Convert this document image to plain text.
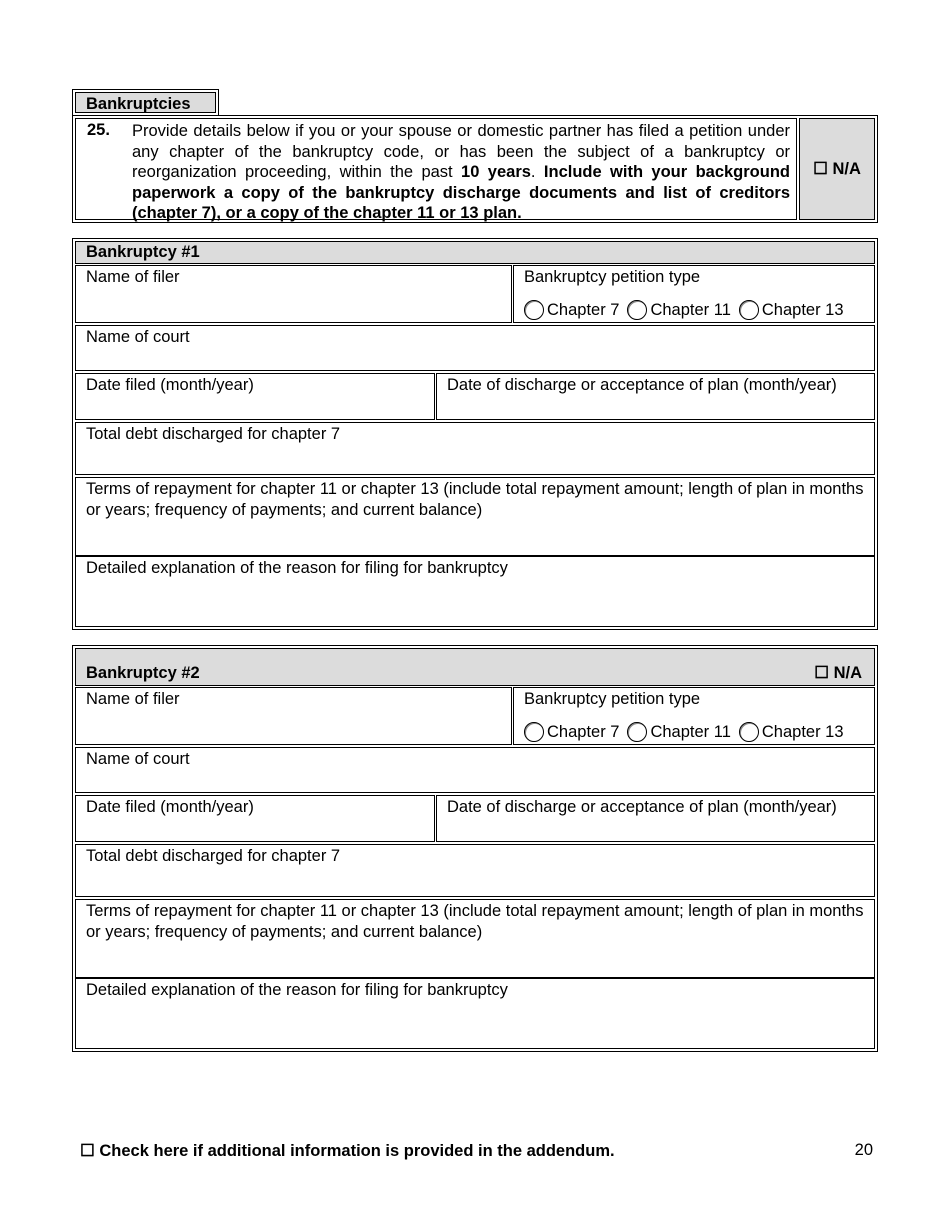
Bankruptcies
25. Provide details below if you or your spouse or domestic partner has filed a petition under any chapter of the bankruptcy code, or has been the subject of a bankruptcy or reorganization proceeding, within the past 10 years. Include with your background paperwork a copy of the bankruptcy discharge documents and list of creditors (chapter 7), or a copy of the chapter 11 or 13 plan.
☐ N/A
Bankruptcy #1
Name of filer	Bankruptcy petition type
Chapter 7 Chapter 11 Chapter 13
Name of court
Date filed (month/year)	Date of discharge or acceptance of plan (month/year)
Total debt discharged for chapter 7
Terms of repayment for chapter 11 or chapter 13 (include total repayment amount; length of plan in months or years; frequency of payments; and current balance)
Detailed explanation of the reason for filing for bankruptcy
Bankruptcy #2	☐ N/A
Name of filer	Bankruptcy petition type
Chapter 7 Chapter 11 Chapter 13
Name of court
Date filed (month/year)	Date of discharge or acceptance of plan (month/year)
Total debt discharged for chapter 7
Terms of repayment for chapter 11 or chapter 13 (include total repayment amount; length of plan in months or years; frequency of payments; and current balance)
Detailed explanation of the reason for filing for bankruptcy
☐ Check here if additional information is provided in the addendum.	20
